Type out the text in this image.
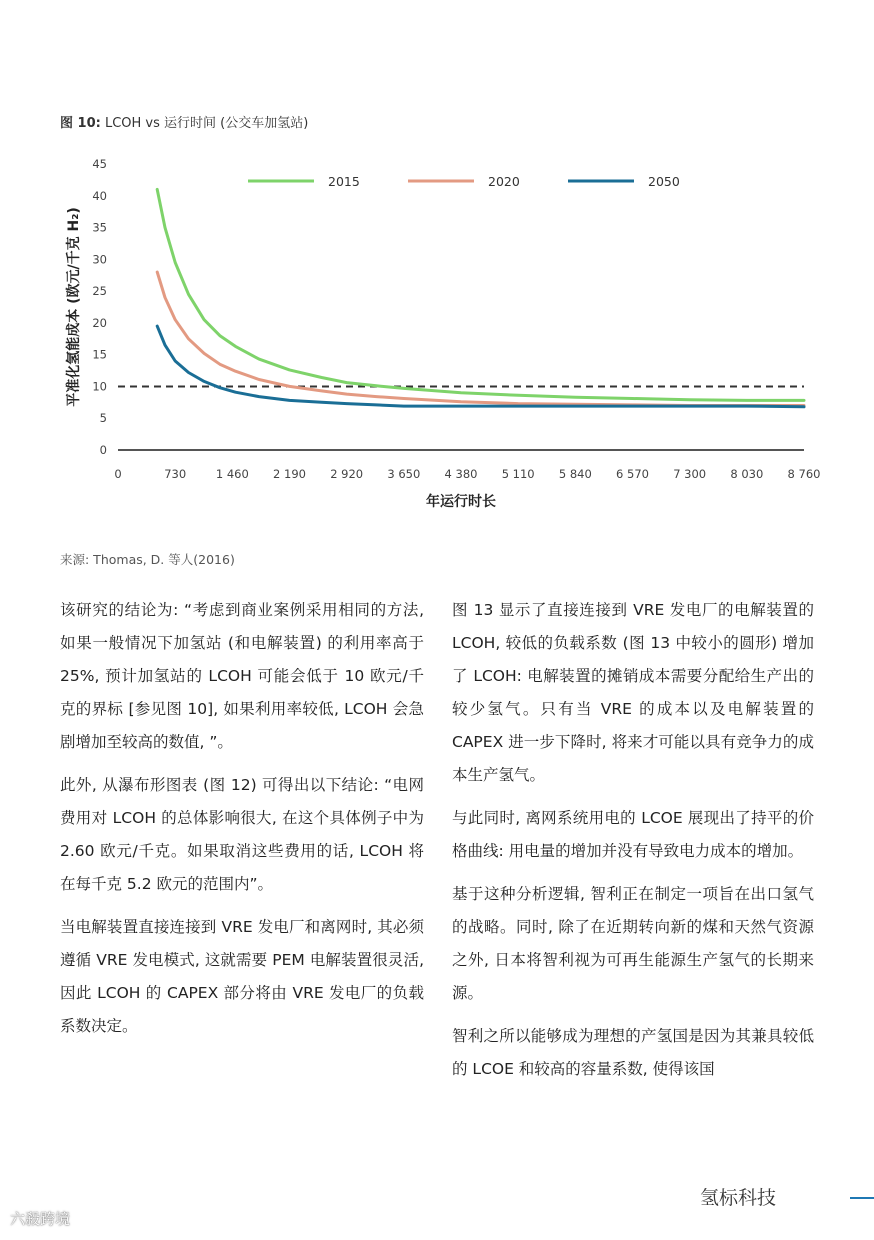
图 10: LCOH vs 运行时间 (公交车加氢站)
平准化氢能成本 (欧元/千克 H₂)
0
5
10
15
20
25
30
35
40
45
0	730	1 460 2 190 2 920 3 650 4 380 5 110 5 840 6 570 7 300 8 030 8 760
年运行时长
2015	2020	2050
来源: Thomas, D. 等人(2016)

该研究的结论为: “考虑到商业案例采用相同的方法, 如果一般情况下加氢站 (和电解装置) 的利用率高于 25%, 预计加氢站的 LCOH 可能会低于 10 欧元/千克的界标 [参见图 10], 如果利用率较低, LCOH 会急剧增加至较高的数值, ”。

此外, 从瀑布形图表 (图 12) 可得出以下结论: “电网费用对 LCOH 的总体影响很大, 在这个具体例子中为 2.60 欧元/千克。如果取消这些费用的话, LCOH 将在每千克 5.2 欧元的范围内”。

当电解装置直接连接到 VRE 发电厂和离网时, 其必须遵循 VRE 发电模式, 这就需要 PEM 电解装置很灵活, 因此 LCOH 的 CAPEX 部分将由 VRE 发电厂的负载系数决定。

图 13 显示了直接连接到 VRE 发电厂的电解装置的 LCOH, 较低的负载系数 (图 13 中较小的圆形) 增加了 LCOH: 电解装置的摊销成本需要分配给生产出的较少氢气。只有当 VRE 的成本以及电解装置的 CAPEX 进一步下降时, 将来才可能以具有竞争力的成本生产氢气。

与此同时, 离网系统用电的 LCOE 展现出了持平的价格曲线: 用电量的增加并没有导致电力成本的增加。

基于这种分析逻辑, 智利正在制定一项旨在出口氢气的战略。同时, 除了在近期转向新的煤和天然气资源之外, 日本将智利视为可再生能源生产氢气的长期来源。

智利之所以能够成为理想的产氢国是因为其兼具较低的 LCOE 和较高的容量系数, 使得该国

氢标科技
六殺跨境
